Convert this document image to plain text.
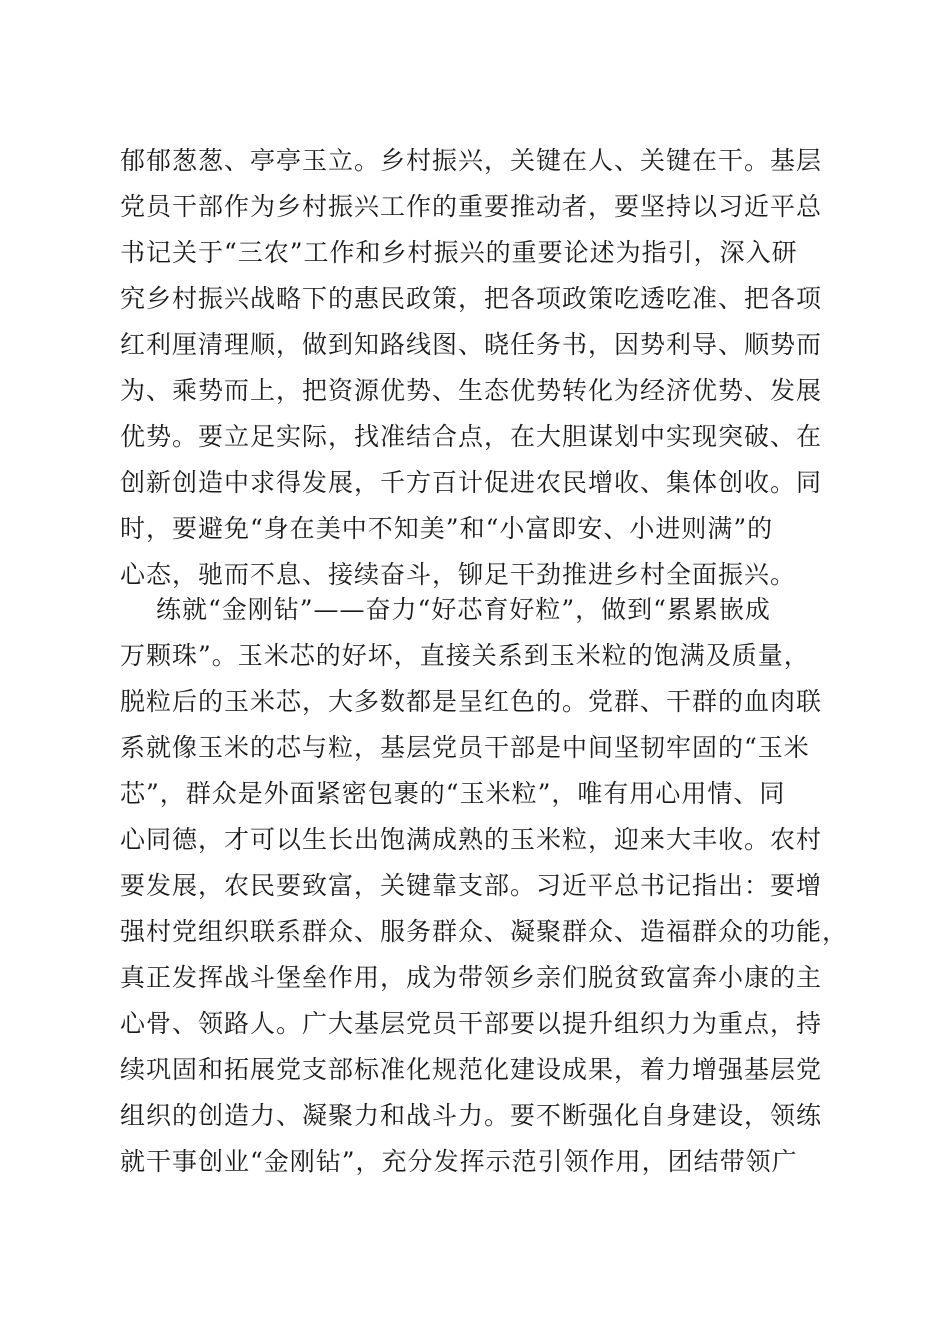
郁郁葱葱、亭亭玉立。乡村振兴，关键在人、关键在干。基层
党员干部作为乡村振兴工作的重要推动者，要坚持以习近平总
书记关于“三农”工作和乡村振兴的重要论述为指引，深入研
究乡村振兴战略下的惠民政策，把各项政策吃透吃准、把各项
红利厘清理顺，做到知路线图、晓任务书，因势利导、顺势而
为、乘势而上，把资源优势、生态优势转化为经济优势、发展
优势。要立足实际，找准结合点，在大胆谋划中实现突破、在
创新创造中求得发展，千方百计促进农民增收、集体创收。同
时，要避免“身在美中不知美”和“小富即安、小进则满”的
心态，驰而不息、接续奋斗，铆足干劲推进乡村全面振兴。
练就“金刚钻”——奋力“好芯育好粒”，做到“累累嵌成
万颗珠”。玉米芯的好坏，直接关系到玉米粒的饱满及质量，
脱粒后的玉米芯，大多数都是呈红色的。党群、干群的血肉联
系就像玉米的芯与粒，基层党员干部是中间坚韧牢固的“玉米
芯”，群众是外面紧密包裹的“玉米粒”，唯有用心用情、同
心同德，才可以生长出饱满成熟的玉米粒，迎来大丰收。农村
要发展，农民要致富，关键靠支部。习近平总书记指出：要增
强村党组织联系群众、服务群众、凝聚群众、造福群众的功能，
真正发挥战斗堡垒作用，成为带领乡亲们脱贫致富奔小康的主
心骨、领路人。广大基层党员干部要以提升组织力为重点，持
续巩固和拓展党支部标准化规范化建设成果，着力增强基层党
组织的创造力、凝聚力和战斗力。要不断强化自身建设，领练
就干事创业“金刚钻”，充分发挥示范引领作用，团结带领广
